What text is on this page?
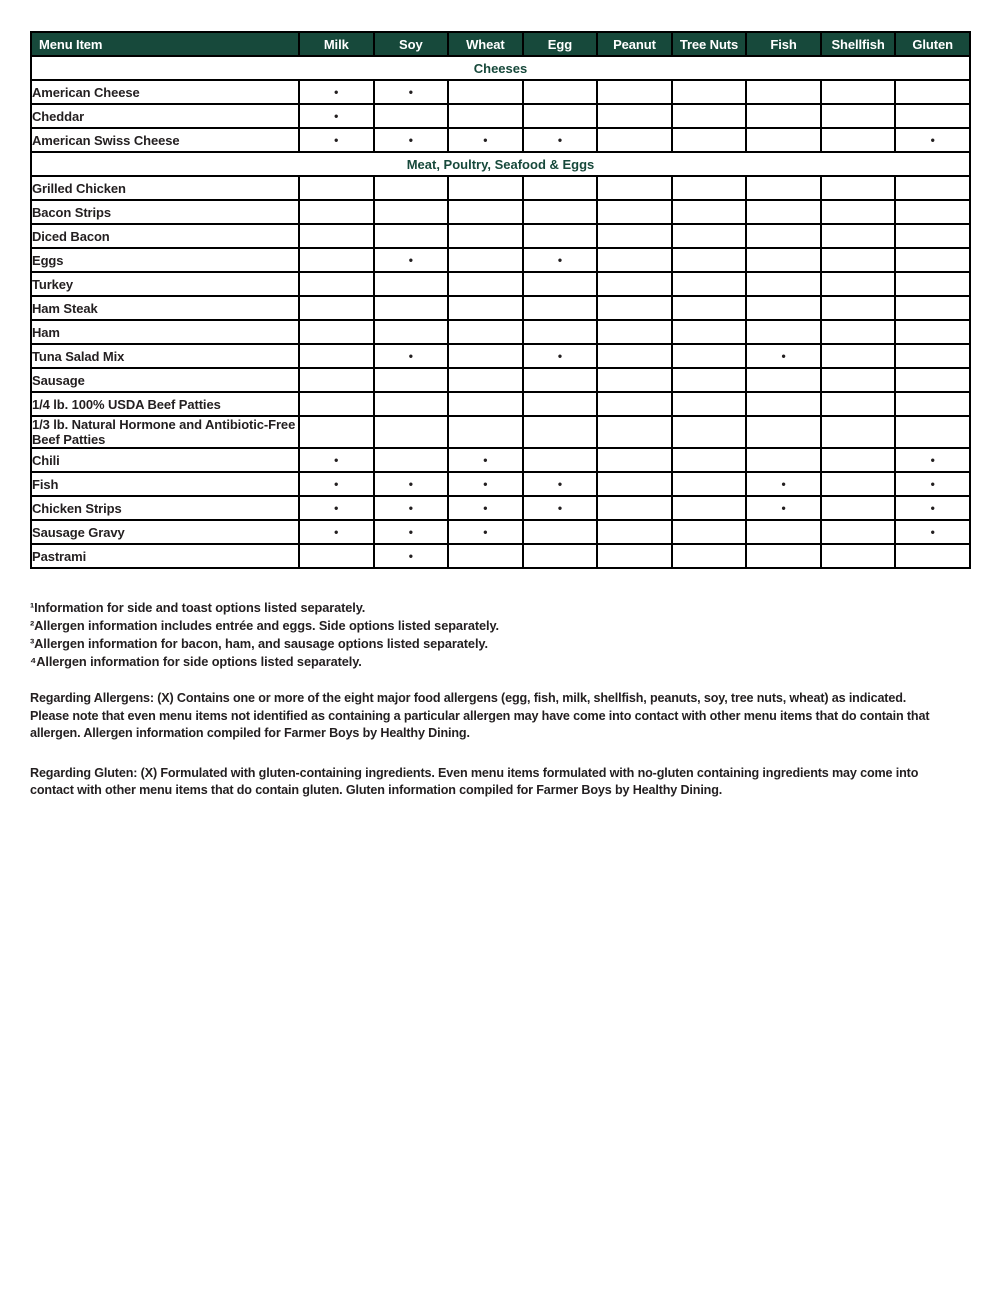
Menu Item	Milk	Soy	Wheat	Egg	Peanut	Tree Nuts	Fish	Shellfish	Gluten
Cheeses									
American Cheese	•	•							
Cheddar	•								
American Swiss Cheese	•	•	•	•					•
Meat, Poultry, Seafood & Eggs									
Grilled Chicken									
Bacon Strips									
Diced Bacon									
Eggs		•		•					
Turkey									
Ham Steak									
Ham									
Tuna Salad Mix		•		•			•		
Sausage									
1/4 lb. 100% USDA Beef Patties									
1/3 lb. Natural Hormone and Antibiotic-Free Beef Patties									
Chili	•		•						•
Fish	•	•	•	•			•		•
Chicken Strips	•	•	•	•			•		•
Sausage Gravy	•	•	•						•
Pastrami		•							
¹Information for side and toast options listed separately.
²Allergen information includes entrée and eggs. Side options listed separately.
³Allergen information for bacon, ham, and sausage options listed separately.
⁴Allergen information for side options listed separately.

Regarding Allergens: (X) Contains one or more of the eight major food allergens (egg, fish, milk, shellfish, peanuts, soy, tree nuts, wheat) as indicated.

Please note that even menu items not identified as containing a particular allergen may have come into contact with other menu items that do contain that allergen. Allergen information compiled for Farmer Boys by Healthy Dining.

Regarding Gluten: (X) Formulated with gluten-containing ingredients. Even menu items formulated with no-gluten containing ingredients may come into contact with other menu items that do contain gluten. Gluten information compiled for Farmer Boys by Healthy Dining.
